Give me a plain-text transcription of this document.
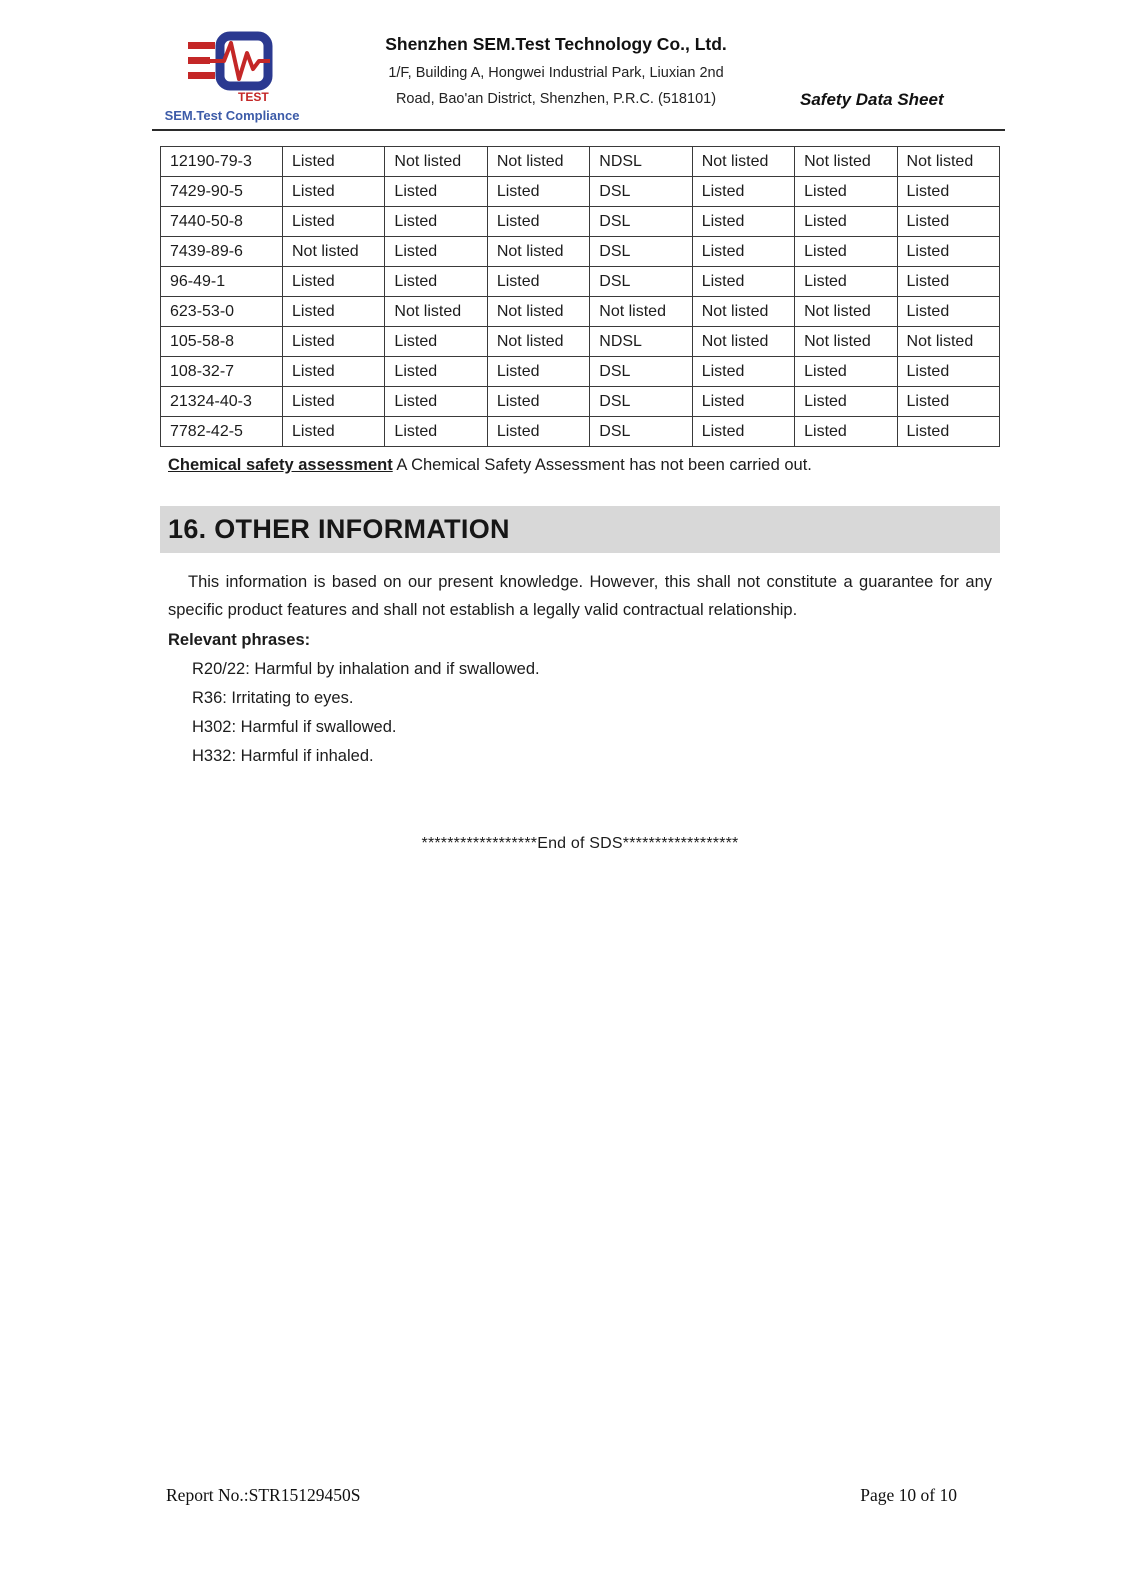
TEST
SEM.Test Compliance
Shenzhen SEM.Test Technology Co., Ltd.
1/F, Building A, Hongwei Industrial Park, Liuxian 2nd
Road, Bao'an District, Shenzhen, P.R.C. (518101)	Safety Data Sheet
12190-79-3	Listed	Not listed	Not listed	NDSL	Not listed	Not listed	Not listed
7429-90-5	Listed	Listed	Listed	DSL	Listed	Listed	Listed
7440-50-8	Listed	Listed	Listed	DSL	Listed	Listed	Listed
7439-89-6	Not listed	Listed	Not listed	DSL	Listed	Listed	Listed
96-49-1	Listed	Listed	Listed	DSL	Listed	Listed	Listed
623-53-0	Listed	Not listed	Not listed	Not listed	Not listed	Not listed	Listed
105-58-8	Listed	Listed	Not listed	NDSL	Not listed	Not listed	Not listed
108-32-7	Listed	Listed	Listed	DSL	Listed	Listed	Listed
21324-40-3	Listed	Listed	Listed	DSL	Listed	Listed	Listed
7782-42-5	Listed	Listed	Listed	DSL	Listed	Listed	Listed

Chemical safety assessment A Chemical Safety Assessment has not been carried out.

16. OTHER INFORMATION

This information is based on our present knowledge. However, this shall not constitute a guarantee for any specific product features and shall not establish a legally valid contractual relationship.

Relevant phrases:
R20/22: Harmful by inhalation and if swallowed.
R36: Irritating to eyes.
H302: Harmful if swallowed.
H332: Harmful if inhaled.
******************End of SDS******************
Report No.:STR15129450S	Page 10 of 10
